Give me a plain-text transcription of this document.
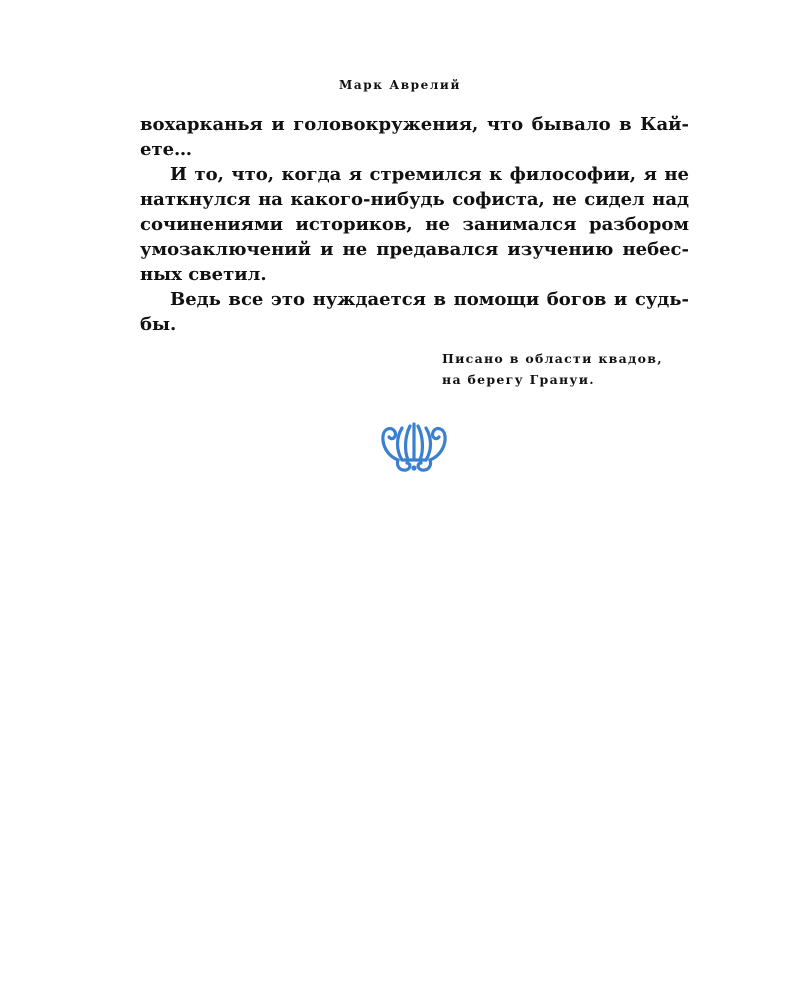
Марк Аврелий
вохарканья и головокружения, что бывало в Кай-
ете…
И то, что, когда я стремился к философии, я не
наткнулся на какого-нибудь софиста, не сидел над
сочинениями историков, не занимался разбором
умозаключений и не предавался изучению небес-
ных светил.
Ведь все это нуждается в помощи богов и судь-
бы.
Писано в области квадов,
на берегу Грануи.
